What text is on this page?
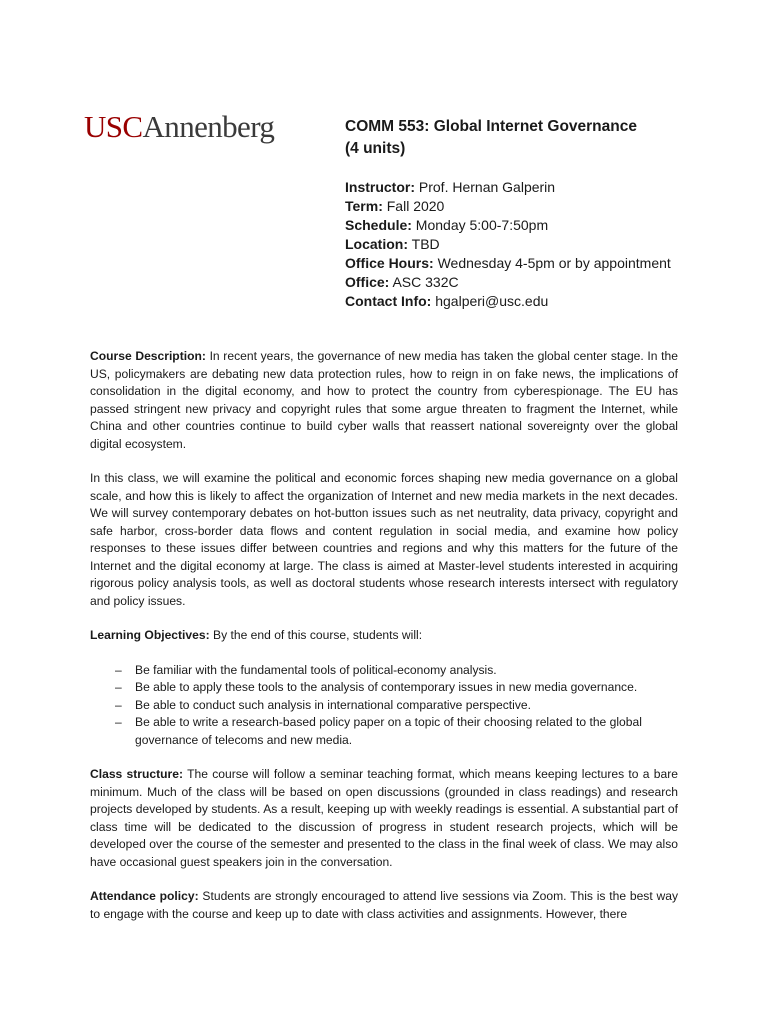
USCAnnenberg	COMM 553: Global Internet Governance
(4 units)

Instructor: Prof. Hernan Galperin

Term: Fall 2020

Schedule: Monday 5:00-7:50pm

Location: TBD

Office Hours: Wednesday 4-5pm or by appointment

Office: ASC 332C

Contact Info: hgalperi@usc.edu

Course Description: In recent years, the governance of new media has taken the global center stage. In the US, policymakers are debating new data protection rules, how to reign in on fake news, the implications of consolidation in the digital economy, and how to protect the country from cyberespionage. The EU has passed stringent new privacy and copyright rules that some argue threaten to fragment the Internet, while China and other countries continue to build cyber walls that reassert national sovereignty over the global digital ecosystem.

In this class, we will examine the political and economic forces shaping new media governance on a global scale, and how this is likely to affect the organization of Internet and new media markets in the next decades. We will survey contemporary debates on hot-button issues such as net neutrality, data privacy, copyright and safe harbor, cross-border data flows and content regulation in social media, and examine how policy responses to these issues differ between countries and regions and why this matters for the future of the Internet and the digital economy at large. The class is aimed at Master-level students interested in acquiring rigorous policy analysis tools, as well as doctoral students whose research interests intersect with regulatory and policy issues.

Learning Objectives: By the end of this course, students will:

– Be familiar with the fundamental tools of political-economy analysis.
– Be able to apply these tools to the analysis of contemporary issues in new media governance.
– Be able to conduct such analysis in international comparative perspective.
– Be able to write a research-based policy paper on a topic of their choosing related to the global governance of telecoms and new media.

Class structure: The course will follow a seminar teaching format, which means keeping lectures to a bare minimum. Much of the class will be based on open discussions (grounded in class readings) and research projects developed by students. As a result, keeping up with weekly readings is essential. A substantial part of class time will be dedicated to the discussion of progress in student research projects, which will be developed over the course of the semester and presented to the class in the final week of class. We may also have occasional guest speakers join in the conversation.

Attendance policy: Students are strongly encouraged to attend live sessions via Zoom. This is the best way to engage with the course and keep up to date with class activities and assignments. However, there
